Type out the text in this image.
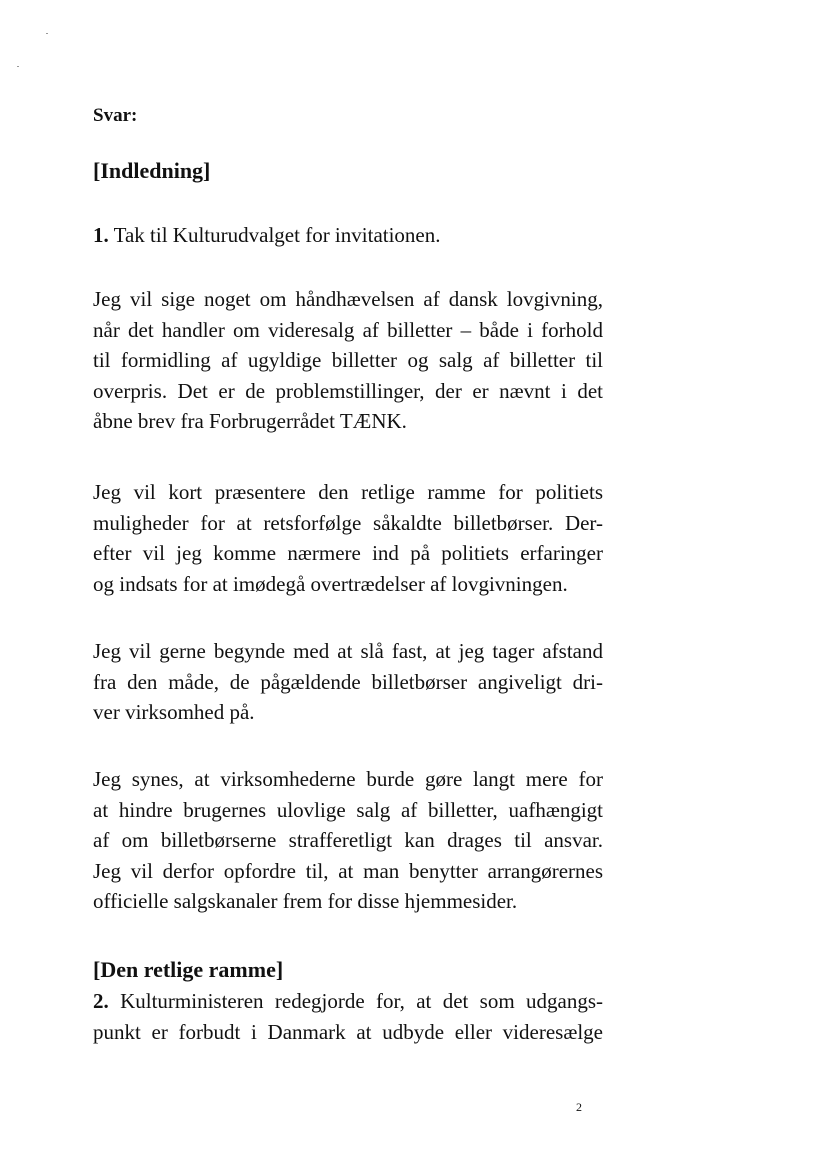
Svar:
[Indledning]
1. Tak til Kulturudvalget for invitationen.
Jeg vil sige noget om håndhævelsen af dansk lovgivning,
når det handler om videresalg af billetter – både i forhold
til formidling af ugyldige billetter og salg af billetter til
overpris. Det er de problemstillinger, der er nævnt i det
åbne brev fra Forbrugerrådet TÆNK.
Jeg vil kort præsentere den retlige ramme for politiets
muligheder for at retsforfølge såkaldte billetbørser. Der-
efter vil jeg komme nærmere ind på politiets erfaringer
og indsats for at imødegå overtrædelser af lovgivningen.
Jeg vil gerne begynde med at slå fast, at jeg tager afstand
fra den måde, de pågældende billetbørser angiveligt dri-
ver virksomhed på.
Jeg synes, at virksomhederne burde gøre langt mere for
at hindre brugernes ulovlige salg af billetter, uafhængigt
af om billetbørserne strafferetligt kan drages til ansvar.
Jeg vil derfor opfordre til, at man benytter arrangørernes
officielle salgskanaler frem for disse hjemmesider.
[Den retlige ramme]
2. Kulturministeren redegjorde for, at det som udgangs-
punkt er forbudt i Danmark at udbyde eller videresælge
2
